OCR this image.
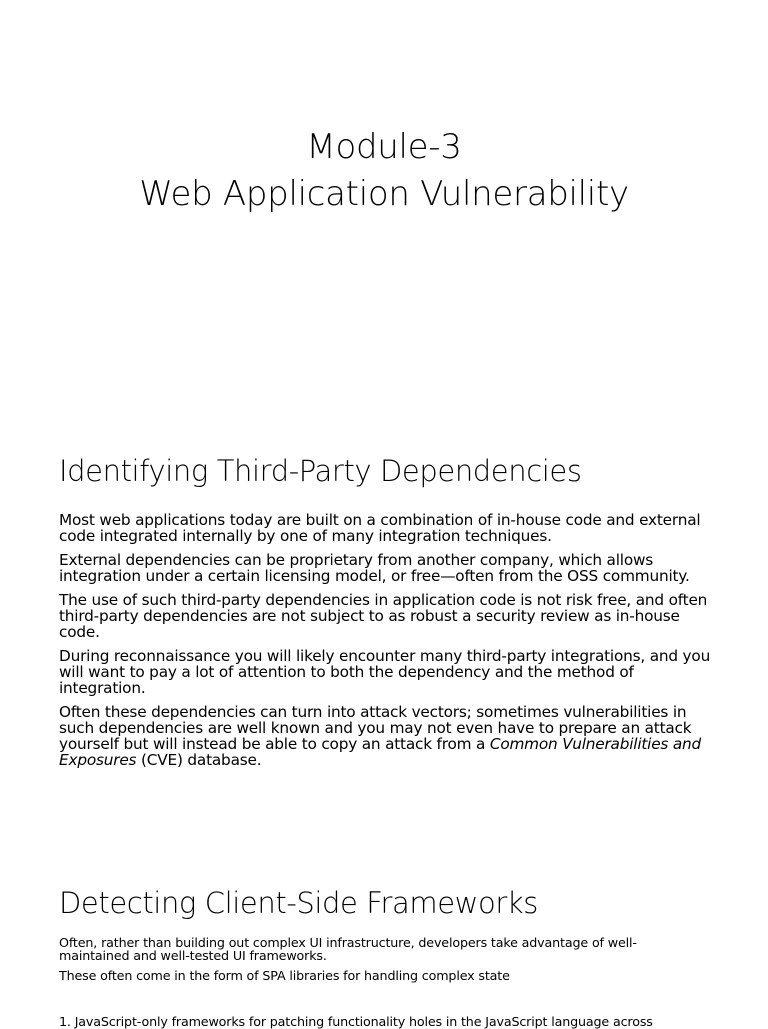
Module-3
Web Application Vulnerability
Identifying Third-Party Dependencies

Most web applications today are built on a combination of in-house code and external code integrated internally by one of many integration techniques.

External dependencies can be proprietary from another company, which allows integration under a certain licensing model, or free—often from the OSS community.

The use of such third-party dependencies in application code is not risk free, and often third-party dependencies are not subject to as robust a security review as in-house code.

During reconnaissance you will likely encounter many third-party integrations, and you will want to pay a lot of attention to both the dependency and the method of integration.

Often these dependencies can turn into attack vectors; sometimes vulnerabilities in such dependencies are well known and you may not even have to prepare an attack yourself but will instead be able to copy an attack from a Common Vulnerabilities and Exposures (CVE) database.

Detecting Client-Side Frameworks

Often, rather than building out complex UI infrastructure, developers take advantage of well-maintained and well-tested UI frameworks.

These often come in the form of SPA libraries for handling complex state

1. JavaScript-only frameworks for patching functionality holes in the JavaScript language across
